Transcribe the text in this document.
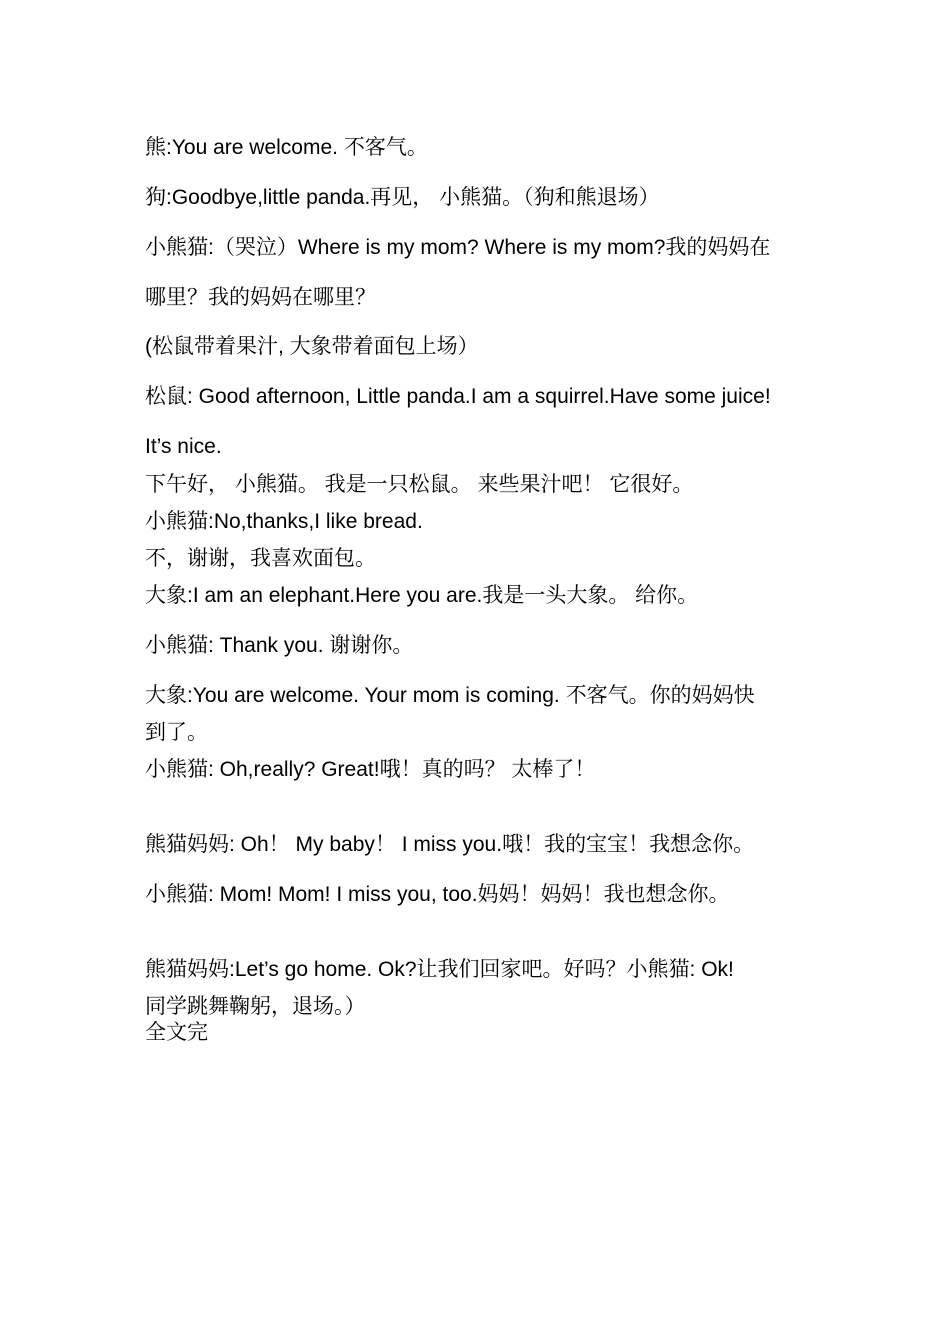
熊:You are welcome. 不客气。
狗:Goodbye,little panda.再见， 小熊猫。（狗和熊退场）
小熊猫:（哭泣）Where is my mom? Where is my mom?我的妈妈在
哪里？我的妈妈在哪里？
(松鼠带着果汁, 大象带着面包上场）
松鼠: Good afternoon, Little panda.I am a squirrel.Have some juice!
It’s nice.
下午好， 小熊猫。 我是一只松鼠。 来些果汁吧！ 它很好。
小熊猫:No,thanks,I like bread.
不，谢谢，我喜欢面包。
大象:I am an elephant.Here you are.我是一头大象。 给你。
小熊猫: Thank you. 谢谢你。
大象:You are welcome. Your mom is coming. 不客气。你的妈妈快
到了。
小熊猫: Oh,really? Great!哦！真的吗？ 太棒了！
熊猫妈妈: Oh！ My baby！ I miss you.哦！我的宝宝！我想念你。
小熊猫: Mom! Mom! I miss you, too.妈妈！妈妈！我也想念你。
熊猫妈妈:Let’s go home. Ok?让我们回家吧。好吗？小熊猫: Ok!
同学跳舞鞠躬，退场。）
全文完
